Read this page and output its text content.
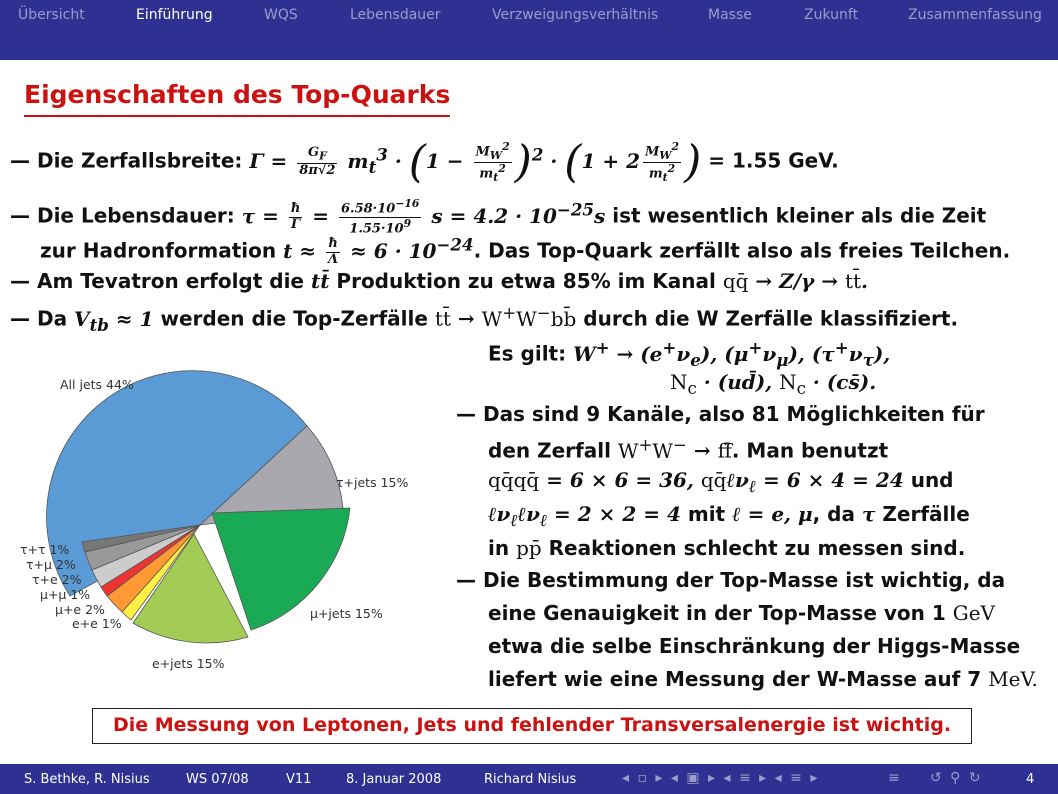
Übersicht	Einführung	WQS	Lebensdauer	Verzweigungsverhältnis	Masse	Zukunft	Zusammenfassung
Eigenschaften des Top-Quarks
— Die Zerfallsbreite: $\Gamma = \frac{G_F}{8\pi√2} m_t^3 \cdot (1 - \frac{M_W^2}{m_t^2} )^2 \cdot (1 + 2 \frac{M_W^2}{m_t^2}$ ) = 1.55 GeV.
— Die Lebensdauer: $\tau = \frac{ħ}{\Gamma} = \frac{6.58\cdot 10^{-16}}{1.55\cdot 10^9}$ $s = 4.2 \cdot 10^{-25}s$ ist wesentlich kleiner als die Zeit
zur Hadronformation $t \approx \frac{ħ}{\Lambda} \approx 6 \cdot 10^{-24}$. Das Top-Quark zerfällt also als freies Teilchen.
— Am Tevatron erfolgt die tt̄ Produktion zu etwa 85% im Kanal qq̄ → Z/γ → tt̄.
— Da $V_{tb} \approx 1$ werden die Top-Zerfälle tt̄ → W+W−bb̄ durch die W Zerfälle klassifiziert.
Es gilt: $W^+ \to (e^+\nu_e)$, $(\mu^+\nu_\mu)$, $(\tau^+\nu_\tau)$,
$N_c$ · (ud̄), $N_c$ · (cs̄).
— Das sind 9 Kanäle, also 81 Möglichkeiten für
den Zerfall W+W− → ff̄. Man benutzt
qq̄qq̄ = 6 × 6 = 36, qq̄ℓν$_\ell$ = 6 × 4 = 24 und
ℓν$_\ell$ℓν$_\ell$ = 2 × 2 = 4 mit ℓ = e, μ, da τ Zerfälle
in pp̄ Reaktionen schlecht zu messen sind.
— Die Bestimmung der Top-Masse ist wichtig, da
eine Genauigkeit in der Top-Masse von 1 GeV
etwa die selbe Einschränkung der Higgs-Masse
liefert wie eine Messung der W-Masse auf 7 MeV.
All jets 44%
τ+jets 15%
μ+jets 15%
e+jets 15%
τ+τ 1%
τ+μ 2%
τ+e 2%
μ+μ 1%
μ+e 2%
e+e 1%
Die Messung von Leptonen, Jets und fehlender Transversalenergie ist wichtig.
S. Bethke, R. Nisius	WS 07/08	V11	8. Januar 2008	Richard Nisius	◂ ▫ ▸ ◂ ▣ ▸ ◂ ≡ ▸ ◂ ≡ ▸	≡ ↺ ⚲ ↻	4
